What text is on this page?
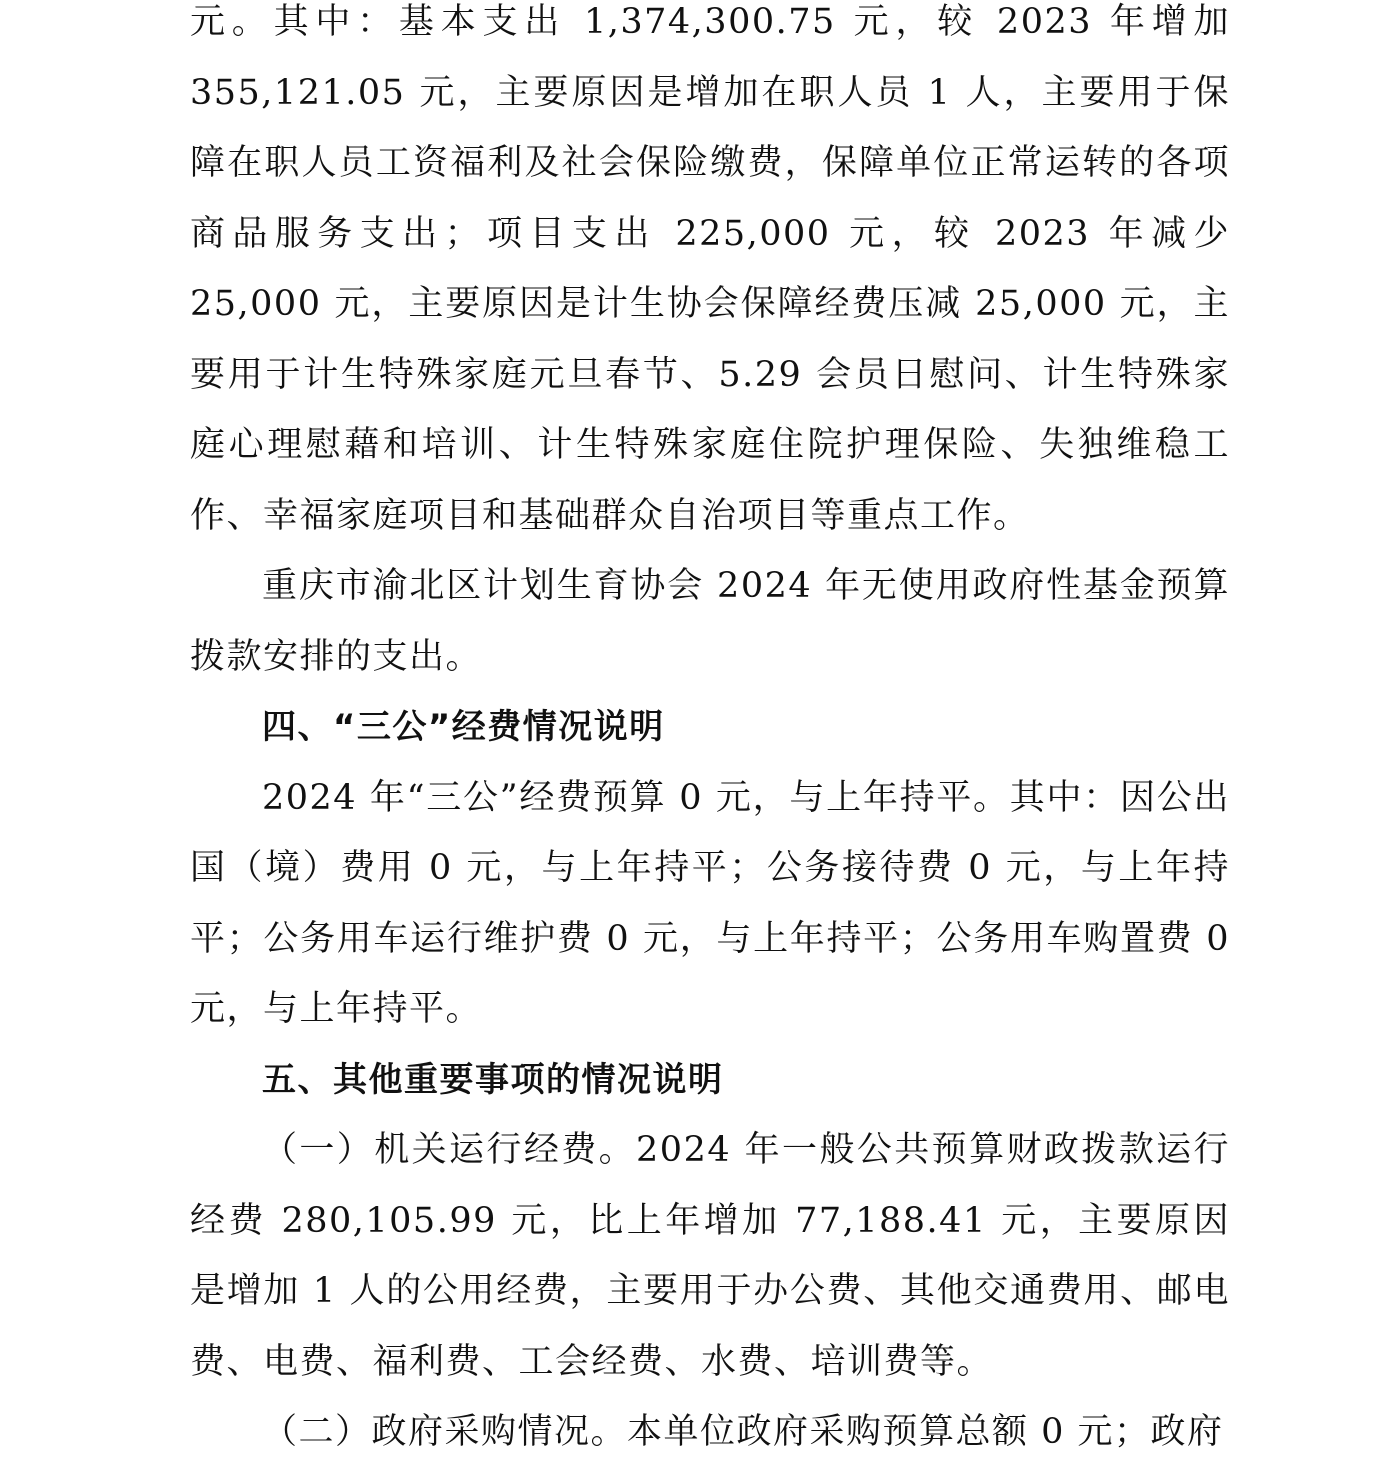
元。其中：基本支出 1,374,300.75 元，较 2023 年增加 355,121.05 元，主要原因是增加在职人员 1 人，主要用于保障在职人员工资福利及社会保险缴费，保障单位正常运转的各项商品服务支出；项目支出 225,000 元，较 2023 年减少 25,000 元，主要原因是计生协会保障经费压减 25,000 元，主要用于计生特殊家庭元旦春节、5.29 会员日慰问、计生特殊家庭心理慰藉和培训、计生特殊家庭住院护理保险、失独维稳工作、幸福家庭项目和基础群众自治项目等重点工作。

重庆市渝北区计划生育协会 2024 年无使用政府性基金预算拨款安排的支出。

四、“三公”经费情况说明

2024 年“三公”经费预算 0 元，与上年持平。其中：因公出国（境）费用 0 元，与上年持平；公务接待费 0 元，与上年持平；公务用车运行维护费 0 元，与上年持平；公务用车购置费 0 元，与上年持平。

五、其他重要事项的情况说明

（一）机关运行经费。2024 年一般公共预算财政拨款运行经费 280,105.99 元，比上年增加 77,188.41 元，主要原因是增加 1 人的公用经费，主要用于办公费、其他交通费用、邮电费、电费、福利费、工会经费、水费、培训费等。

（二）政府采购情况。本单位政府采购预算总额 0 元；政府
